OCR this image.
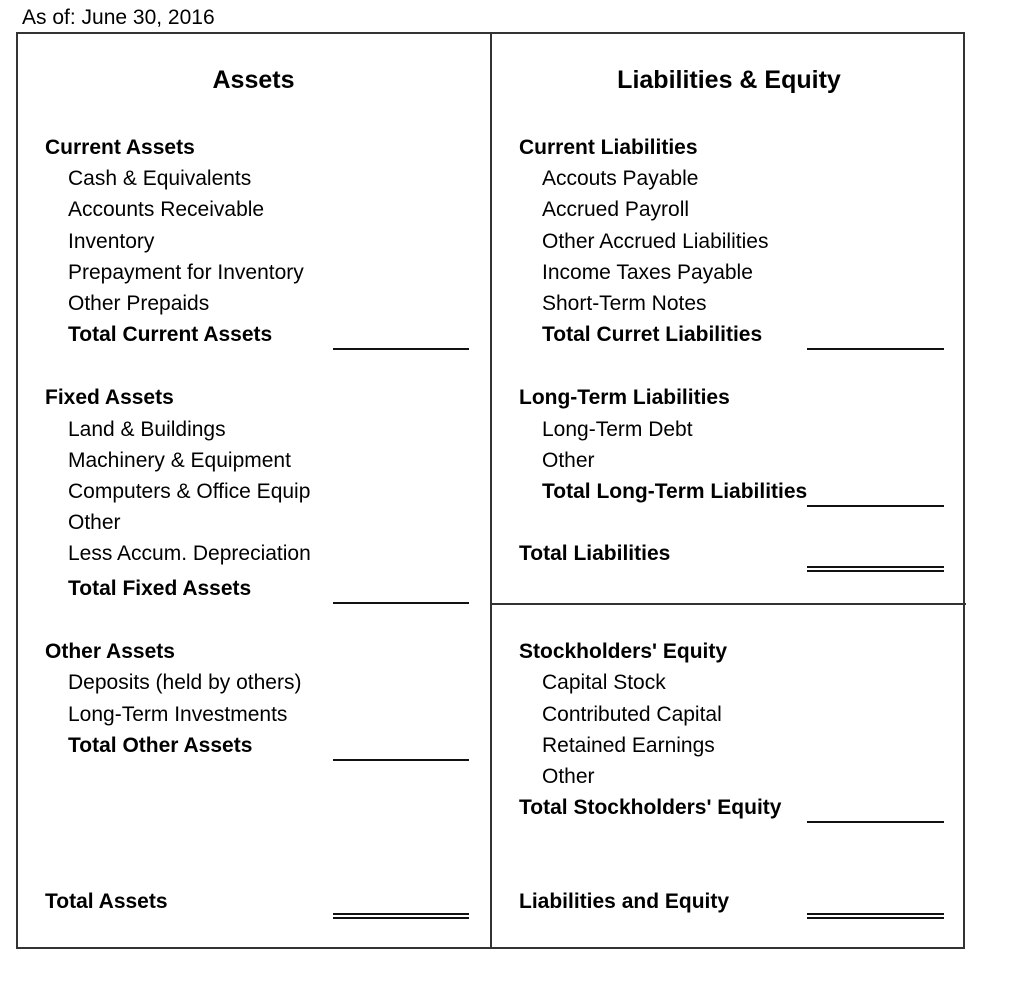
As of: June 30, 2016
Assets
Current Assets
Cash & Equivalents
Accounts Receivable
Inventory
Prepayment for Inventory
Other Prepaids
Total Current Assets
Fixed Assets
Land & Buildings
Machinery & Equipment
Computers & Office Equip
Other
Less Accum. Depreciation
Total Fixed Assets
Other Assets
Deposits (held by others)
Long-Term Investments
Total Other Assets
Total Assets
Liabilities & Equity
Current Liabilities
Accouts Payable
Accrued Payroll
Other Accrued Liabilities
Income Taxes Payable
Short-Term Notes
Total Curret Liabilities
Long-Term Liabilities
Long-Term Debt
Other
Total Long-Term Liabilities
Total Liabilities
Stockholders' Equity
Capital Stock
Contributed Capital
Retained Earnings
Other
Total Stockholders' Equity
Liabilities and Equity
